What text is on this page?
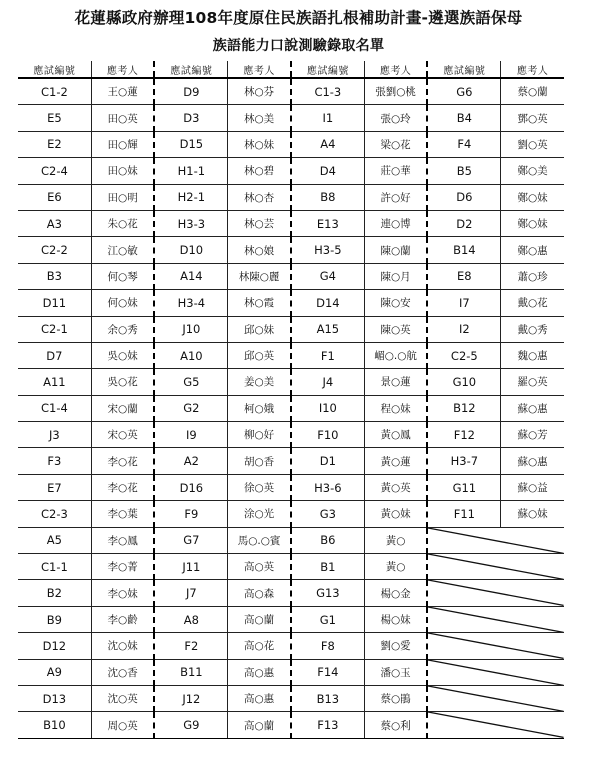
花蓮縣政府辦理108年度原住民族語扎根補助計畫-遴選族語保母
族語能力口說測驗錄取名單
應試編號	應考人	應試編號	應考人	應試編號	應考人	應試編號	應考人
C1-2	王○蓮	D9	林○芬	C1-3	張劉○桃	G6	蔡○蘭
E5	田○英	D3	林○美	I1	張○玲	B4	鄧○英
E2	田○輝	D15	林○妹	A4	梁○花	F4	劉○英
C2-4	田○妹	H1-1	林○碧	D4	莊○華	B5	鄭○美
E6	田○明	H2-1	林○杏	B8	許○好	D6	鄭○妹
A3	朱○花	H3-3	林○芸	E13	連○博	D2	鄭○妹
C2-2	江○敏	D10	林○娘	H3-5	陳○蘭	B14	鄭○惠
B3	何○琴	A14	林陳○麗	G4	陳○月	E8	蕭○珍
D11	何○妹	H3-4	林○霞	D14	陳○安	I7	戴○花
C2-1	余○秀	J10	邱○妹	A15	陳○英	I2	戴○秀
D7	吳○妹	A10	邱○英	F1	嵋○.○航	C2-5	魏○惠
A11	吳○花	G5	姜○美	J4	景○蓮	G10	羅○英
C1-4	宋○蘭	G2	柯○娥	I10	程○妹	B12	蘇○惠
J3	宋○英	I9	柳○好	F10	黃○鳳	F12	蘇○芳
F3	李○花	A2	胡○香	D1	黃○蓮	H3-7	蘇○惠
E7	李○花	D16	徐○英	H3-6	黃○英	G11	蘇○益
C2-3	李○葉	F9	涂○光	G3	黃○妹	F11	蘇○妹
A5	李○鳳	G7	馬○.○賓	B6	黃○	

C1-1	李○菁	J11	高○英	B1	黃○	

B2	李○妹	J7	高○森	G13	楊○金	

B9	李○齡	A8	高○蘭	G1	楊○妹	

D12	沈○妹	F2	高○花	F8	劉○愛	

A9	沈○香	B11	高○惠	F14	潘○玉	

D13	沈○英	J12	高○惠	B13	蔡○鵑	

B10	周○英	G9	高○蘭	F13	蔡○利	
